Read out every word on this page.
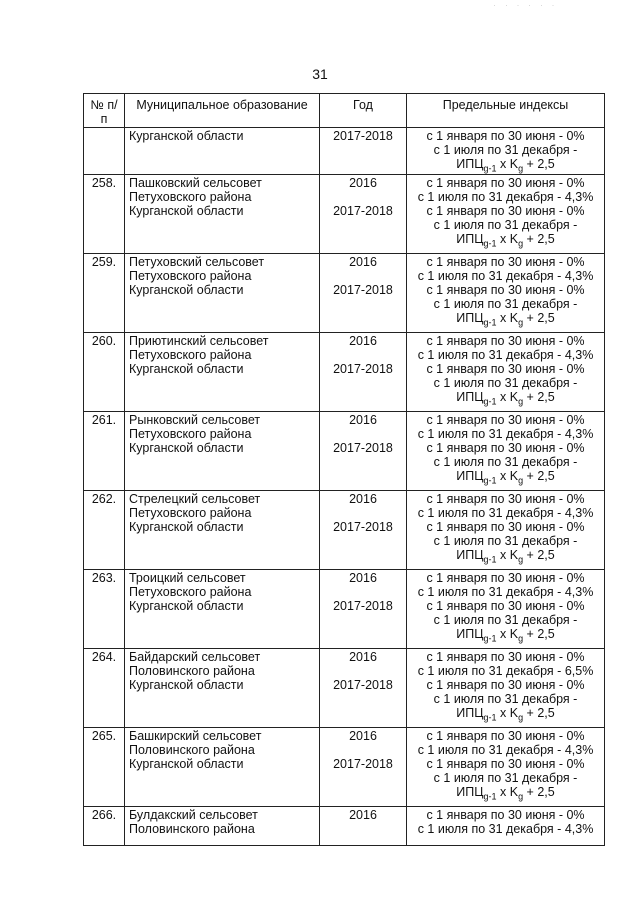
· · · · · ·
31
№ п/п	Муниципальное образование	Год	Предельные индексы

	Курганской области	2017-2018	с 1 января по 30 июня - 0%
с 1 июля по 31 декабря -
$ИПЦ_{g-1}$ х $K_g + 2,5$

258.	Пашковский сельсовет
Петуховского района
Курганской области	2016
2017-2018	с 1 января по 30 июня - 0%
с 1 июля по 31 декабря - 4,3%
с 1 января по 30 июня - 0%
с 1 июля по 31 декабря -
$ИПЦ_{g-1}$ х $K_g + 2,5$

259.	Петуховский сельсовет
Петуховского района
Курганской области	2016
2017-2018	с 1 января по 30 июня - 0%
с 1 июля по 31 декабря - 4,3%
с 1 января по 30 июня - 0%
с 1 июля по 31 декабря -
$ИПЦ_{g-1}$ х $K_g + 2,5$

260.	Приютинский сельсовет
Петуховского района
Курганской области	2016
2017-2018	с 1 января по 30 июня - 0%
с 1 июля по 31 декабря - 4,3%
с 1 января по 30 июня - 0%
с 1 июля по 31 декабря -
$ИПЦ_{g-1}$ х $K_g + 2,5$

261.	Рынковский сельсовет
Петуховского района
Курганской области	2016
2017-2018	с 1 января по 30 июня - 0%
с 1 июля по 31 декабря - 4,3%
с 1 января по 30 июня - 0%
с 1 июля по 31 декабря -
$ИПЦ_{g-1}$ х $K_g + 2,5$

262.	Стрелецкий сельсовет
Петуховского района
Курганской области	2016
2017-2018	с 1 января по 30 июня - 0%
с 1 июля по 31 декабря - 4,3%
с 1 января по 30 июня - 0%
с 1 июля по 31 декабря -
$ИПЦ_{g-1}$ х $K_g + 2,5$

263.	Троицкий сельсовет
Петуховского района
Курганской области	2016
2017-2018	с 1 января по 30 июня - 0%
с 1 июля по 31 декабря - 4,3%
с 1 января по 30 июня - 0%
с 1 июля по 31 декабря -
$ИПЦ_{g-1}$ х $K_g + 2,5$

264.	Байдарский сельсовет
Половинского района
Курганской области	2016
2017-2018	с 1 января по 30 июня - 0%
с 1 июля по 31 декабря - 6,5%
с 1 января по 30 июня - 0%
с 1 июля по 31 декабря -
$ИПЦ_{g-1}$ х $K_g + 2,5$

265.	Башкирский сельсовет
Половинского района
Курганской области	2016
2017-2018	с 1 января по 30 июня - 0%
с 1 июля по 31 декабря - 4,3%
с 1 января по 30 июня - 0%
с 1 июля по 31 декабря -
$ИПЦ_{g-1}$ х $K_g + 2,5$

266.	Булдакский сельсовет
Половинского района	2016	с 1 января по 30 июня - 0%
с 1 июля по 31 декабря - 4,3%
